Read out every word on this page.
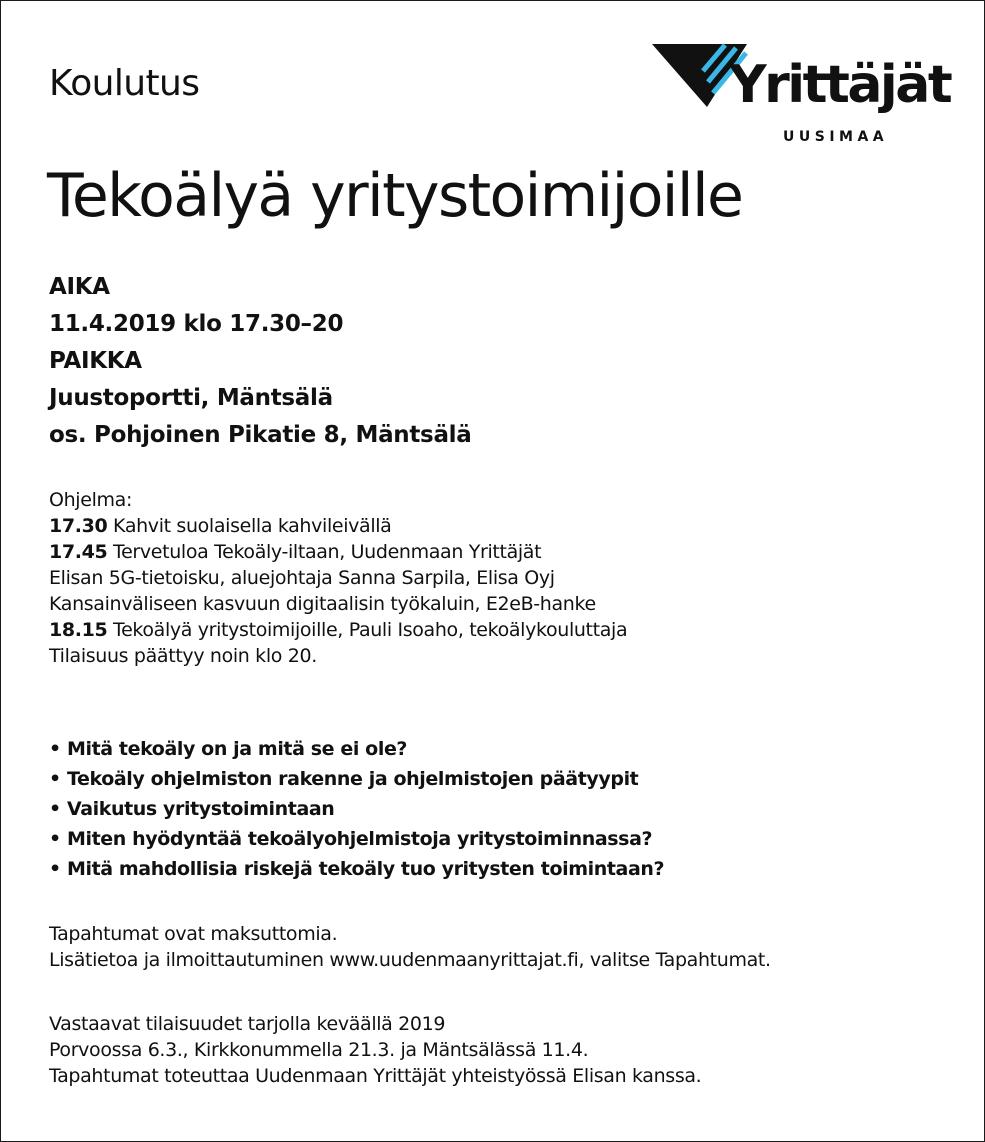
Koulutus	Yrittäjät
UUSIMAA
Tekoälyä yritystoimijoille
AIKA
11.4.2019 klo 17.30–20
PAIKKA
Juustoportti, Mäntsälä
os. Pohjoinen Pikatie 8, Mäntsälä
Ohjelma:
17.30 Kahvit suolaisella kahvileivällä
17.45 Tervetuloa Tekoäly-iltaan, Uudenmaan Yrittäjät
Elisan 5G-tietoisku, aluejohtaja Sanna Sarpila, Elisa Oyj
Kansainväliseen kasvuun digitaalisin työkaluin, E2eB-hanke
18.15 Tekoälyä yritystoimijoille, Pauli Isoaho, tekoälykouluttaja
Tilaisuus päättyy noin klo 20.
• Mitä tekoäly on ja mitä se ei ole?
• Tekoäly ohjelmiston rakenne ja ohjelmistojen päätyypit
• Vaikutus yritystoimintaan
• Miten hyödyntää tekoälyohjelmistoja yritystoiminnassa?
• Mitä mahdollisia riskejä tekoäly tuo yritysten toimintaan?
Tapahtumat ovat maksuttomia.
Lisätietoa ja ilmoittautuminen www.uudenmaanyrittajat.fi, valitse Tapahtumat.
Vastaavat tilaisuudet tarjolla keväällä 2019
Porvoossa 6.3., Kirkkonummella 21.3. ja Mäntsälässä 11.4.
Tapahtumat toteuttaa Uudenmaan Yrittäjät yhteistyössä Elisan kanssa.
